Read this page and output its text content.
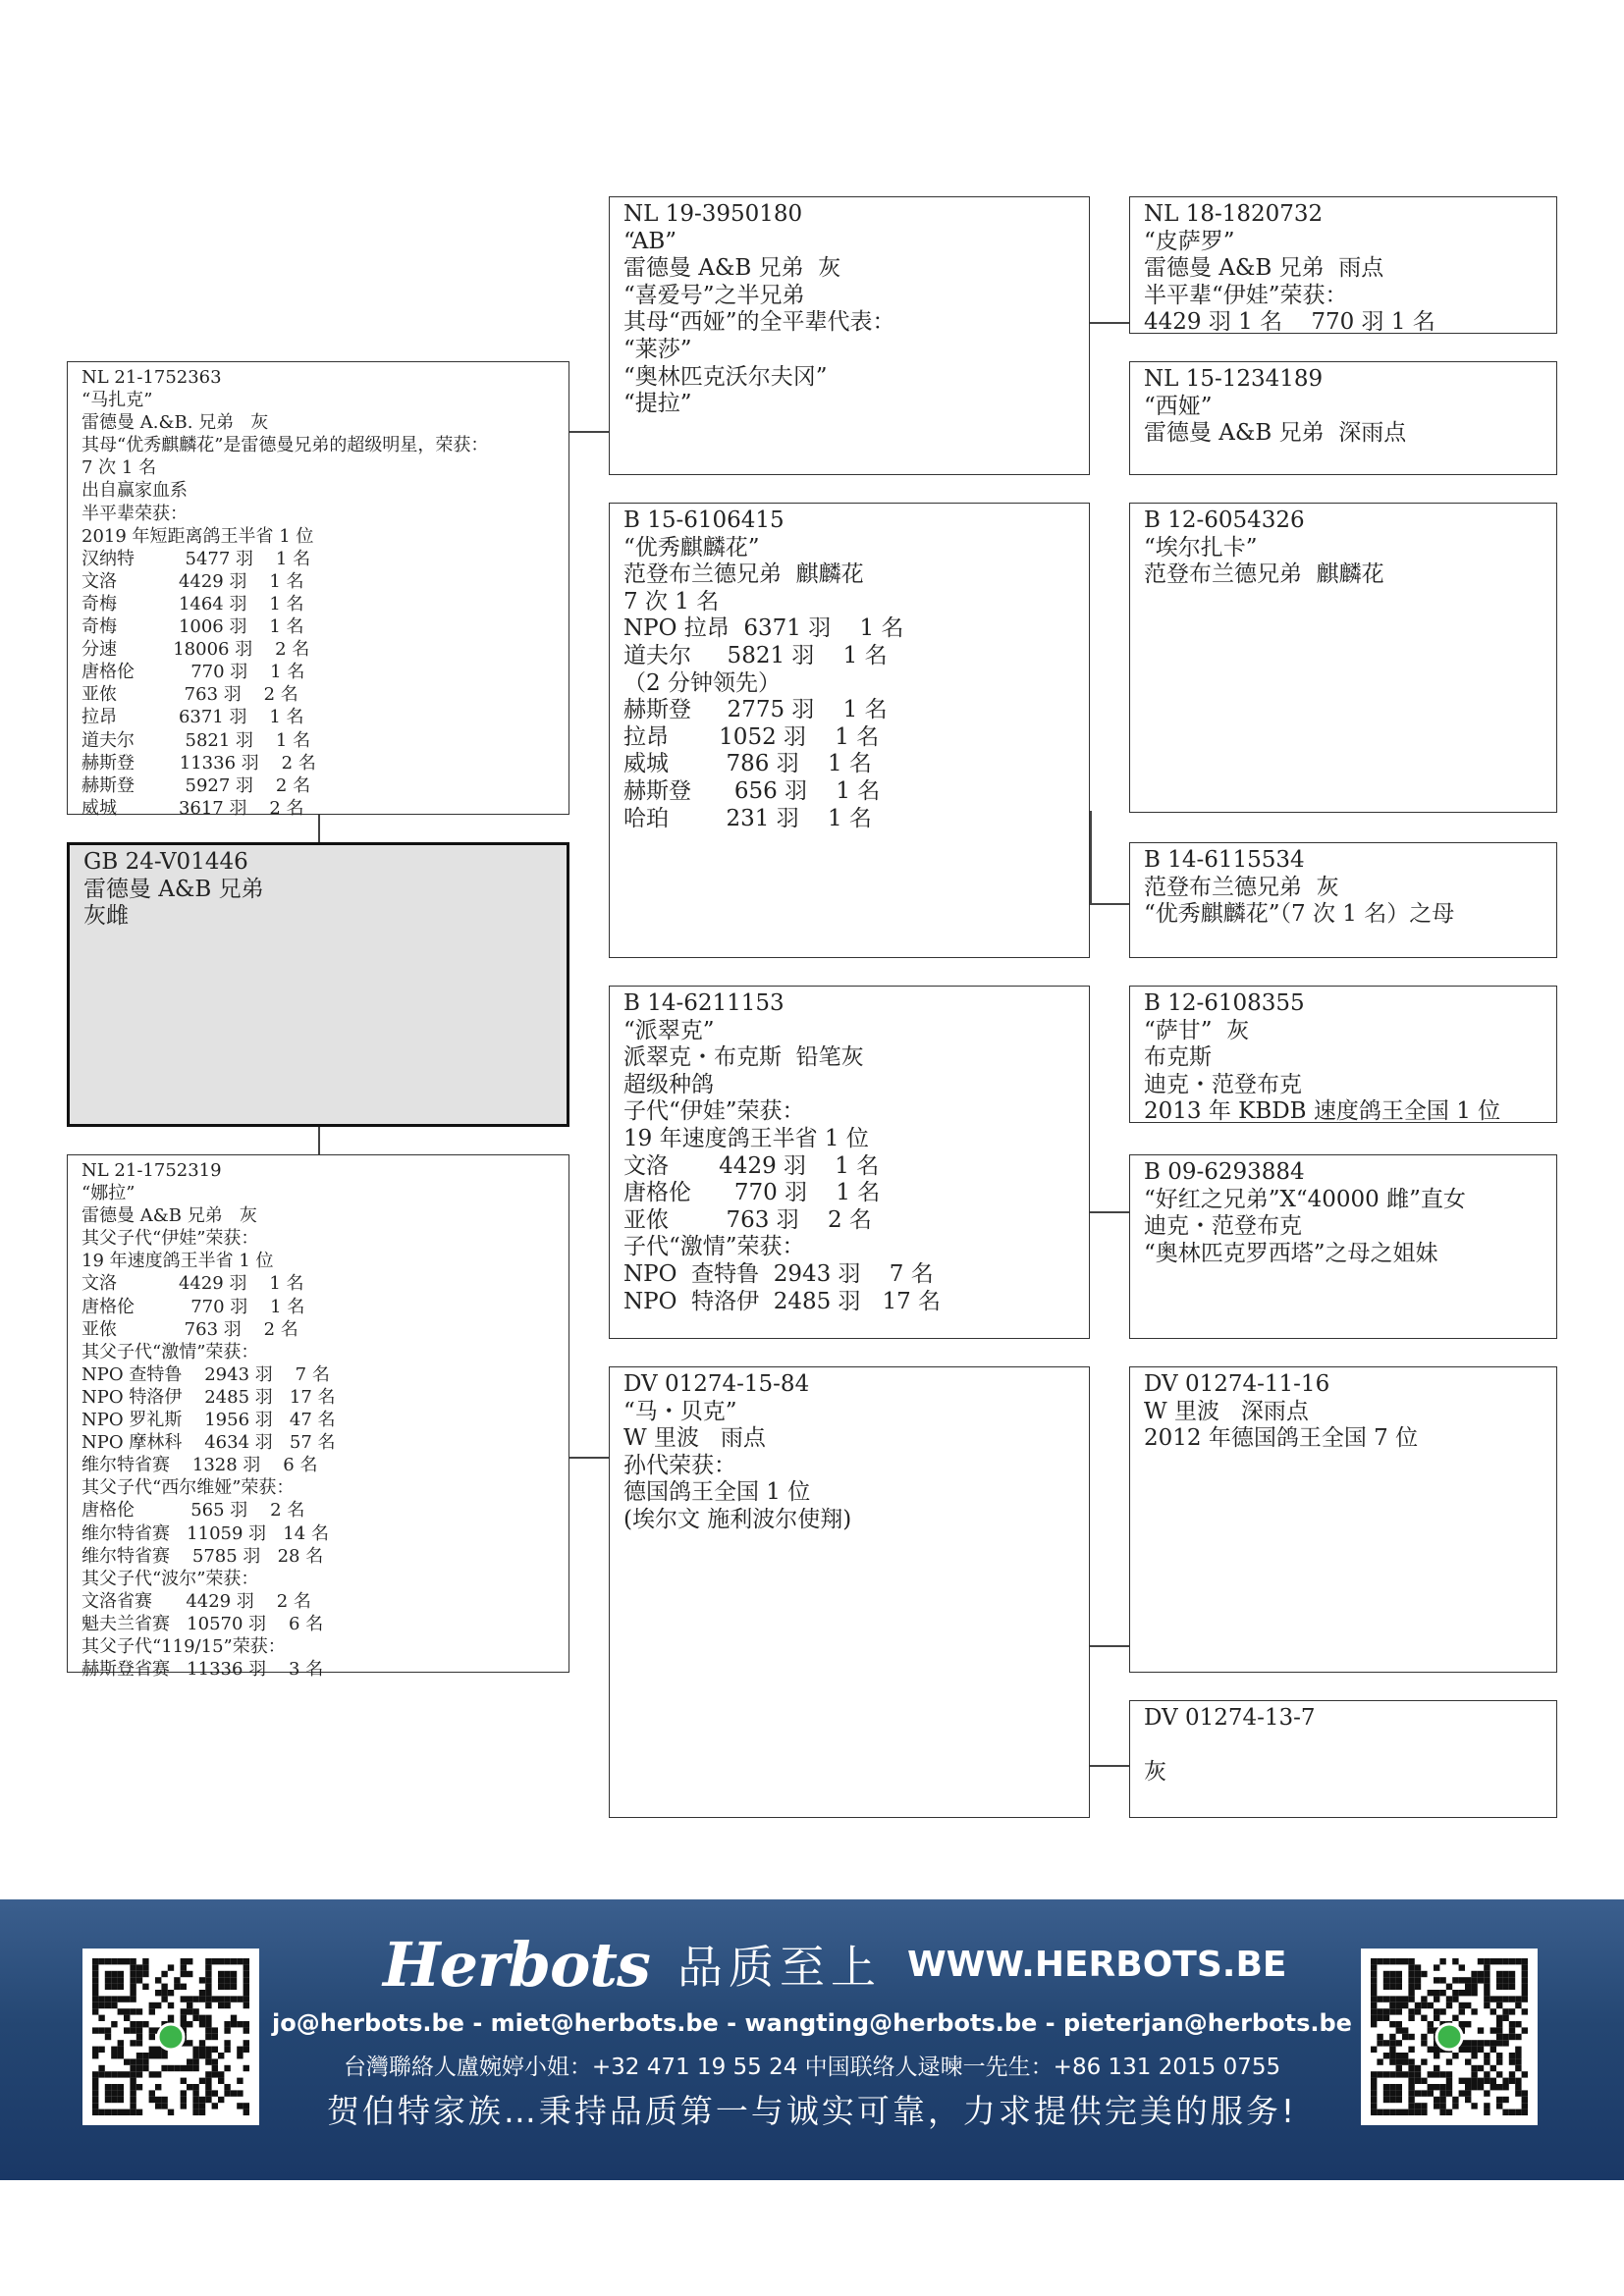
NL 21-1752363
“马扎克”
雷德曼 A.&B. 兄弟   灰
其母“优秀麒麟花”是雷德曼兄弟的超级明星，荣获：
7 次 1 名
出自赢家血系
半平辈荣获：
2019 年短距离鸽王半省 1 位
汉纳特         5477 羽    1 名
文洛           4429 羽    1 名
奇梅           1464 羽    1 名
奇梅           1006 羽    1 名
分速          18006 羽    2 名
唐格伦          770 羽    1 名
亚侬            763 羽    2 名
拉昂           6371 羽    1 名
道夫尔         5821 羽    1 名
赫斯登        11336 羽    2 名
赫斯登         5927 羽    2 名
威城           3617 羽    2 名
GB 24-V01446
雷德曼 A&B 兄弟
灰雌
NL 21-1752319
“娜拉”
雷德曼 A&B 兄弟   灰
其父子代“伊娃”荣获：
19 年速度鸽王半省 1 位
文洛           4429 羽    1 名
唐格伦          770 羽    1 名
亚侬            763 羽    2 名
其父子代“激情”荣获：
NPO 查特鲁    2943 羽    7 名
NPO 特洛伊    2485 羽   17 名
NPO 罗礼斯    1956 羽   47 名
NPO 摩林科    4634 羽   57 名
维尔特省赛    1328 羽    6 名
其父子代“西尔维娅”荣获：
唐格伦          565 羽    2 名
维尔特省赛   11059 羽   14 名
维尔特省赛    5785 羽   28 名
其父子代“波尔”荣获：
文洛省赛      4429 羽    2 名
魁夫兰省赛   10570 羽    6 名
其父子代“119/15”荣获：
赫斯登省赛   11336 羽    3 名
NL 19-3950180
“AB”
雷德曼 A&B 兄弟  灰
“喜爱号”之半兄弟
其母“西娅”的全平辈代表：
“莱莎”
“奥林匹克沃尔夫冈”
“提拉”
B 15-6106415
“优秀麒麟花”
范登布兰德兄弟  麒麟花
7 次 1 名
NPO 拉昂  6371 羽    1 名
道夫尔     5821 羽    1 名
（2 分钟领先）
赫斯登     2775 羽    1 名
拉昂       1052 羽    1 名
威城        786 羽    1 名
赫斯登      656 羽    1 名
哈珀        231 羽    1 名
B 14-6211153
“派翠克”
派翠克・布克斯  铅笔灰
超级种鸽
子代“伊娃”荣获：
19 年速度鸽王半省 1 位
文洛       4429 羽    1 名
唐格伦      770 羽    1 名
亚侬        763 羽    2 名
子代“激情”荣获：
NPO  查特鲁  2943 羽    7 名
NPO  特洛伊  2485 羽   17 名
DV 01274-15-84
“马・贝克”
W 里波   雨点
孙代荣获：
德国鸽王全国 1 位
(埃尔文 施利波尔使翔)
NL 18-1820732
“皮萨罗”
雷德曼 A&B 兄弟  雨点
半平辈“伊娃”荣获：
4429 羽 1 名    770 羽 1 名
NL 15-1234189
“西娅”
雷德曼 A&B 兄弟  深雨点
B 12-6054326
“埃尔扎卡”
范登布兰德兄弟  麒麟花
B 14-6115534
范登布兰德兄弟  灰
“优秀麒麟花”（7 次 1 名）之母
B 12-6108355
“萨甘”  灰
布克斯
迪克・范登布克
2013 年 KBDB 速度鸽王全国 1 位
B 09-6293884
“好红之兄弟”X“40000 雌”直女
迪克・范登布克
“奥林匹克罗西塔”之母之姐妹
DV 01274-11-16
W 里波   深雨点
2012 年德国鸽王全国 7 位
DV 01274-13-7

灰
Herbots 品质至上 WWW.HERBOTS.BE
jo@herbots.be - miet@herbots.be - wangting@herbots.be - pieterjan@herbots.be
台灣聯絡人盧婉婷小姐：+32 471 19 55 24 中国联络人逯暕一先生：+86 131 2015 0755
贺伯特家族…秉持品质第一与诚实可靠，力求提供完美的服务!
